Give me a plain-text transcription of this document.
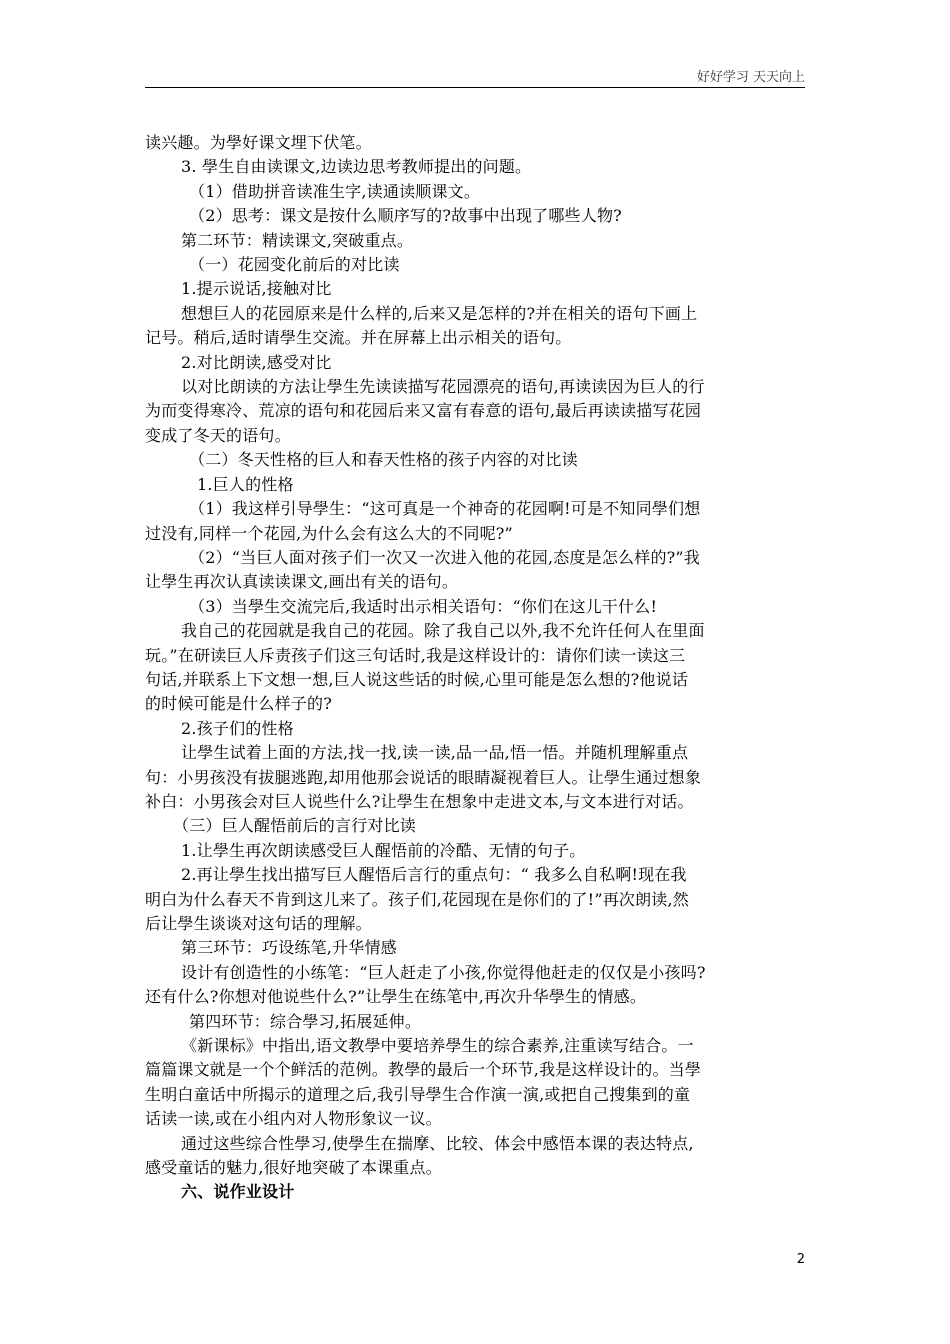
好好学习 天天向上
读兴趣。为學好课文埋下伏笔。
3. 學生自由读课文,边读边思考教师提出的问题。
（1）借助拼音读准生字,读通读顺课文。
（2）思考：课文是按什么顺序写的?故事中出现了哪些人物?
第二环节：精读课文,突破重点。
（一）花园变化前后的对比读
1.提示说话,接触对比
想想巨人的花园原来是什么样的,后来又是怎样的?并在相关的语句下画上
记号。稍后,适时请學生交流。并在屏幕上出示相关的语句。
2.对比朗读,感受对比
以对比朗读的方法让學生先读读描写花园漂亮的语句,再读读因为巨人的行
为而变得寒冷、荒凉的语句和花园后来又富有春意的语句,最后再读读描写花园
变成了冬天的语句。
（二）冬天性格的巨人和春天性格的孩子内容的对比读
1.巨人的性格
（1）我这样引导學生：“这可真是一个神奇的花园啊!可是不知同學们想
过没有,同样一个花园,为什么会有这么大的不同呢?”
（2）“当巨人面对孩子们一次又一次进入他的花园,态度是怎么样的?”我
让學生再次认真读读课文,画出有关的语句。
（3）当學生交流完后,我适时出示相关语句：“你们在这儿干什么!
我自己的花园就是我自己的花园。除了我自己以外,我不允许任何人在里面
玩。”在研读巨人斥责孩子们这三句话时,我是这样设计的：请你们读一读这三
句话,并联系上下文想一想,巨人说这些话的时候,心里可能是怎么想的?他说话
的时候可能是什么样子的?
2.孩子们的性格
让學生试着上面的方法,找一找,读一读,品一品,悟一悟。并随机理解重点
句：小男孩没有拔腿逃跑,却用他那会说话的眼睛凝视着巨人。让學生通过想象
补白：小男孩会对巨人说些什么?让學生在想象中走进文本,与文本进行对话。
（三）巨人醒悟前后的言行对比读
1.让學生再次朗读感受巨人醒悟前的冷酷、无情的句子。
2.再让學生找出描写巨人醒悟后言行的重点句：“ 我多么自私啊!现在我
明白为什么春天不肯到这儿来了。孩子们,花园现在是你们的了!”再次朗读,然
后让學生谈谈对这句话的理解。
第三环节：巧设练笔,升华情感
设计有创造性的小练笔：“巨人赶走了小孩,你觉得他赶走的仅仅是小孩吗?
还有什么?你想对他说些什么?”让學生在练笔中,再次升华學生的情感。
第四环节：综合學习,拓展延伸。
《新课标》中指出,语文教學中要培养學生的综合素养,注重读写结合。一
篇篇课文就是一个个鲜活的范例。教學的最后一个环节,我是这样设计的。当學
生明白童话中所揭示的道理之后,我引导學生合作演一演,或把自己搜集到的童
话读一读,或在小组内对人物形象议一议。
通过这些综合性學习,使學生在揣摩、比较、体会中感悟本课的表达特点,
感受童话的魅力,很好地突破了本课重点。
六、说作业设计
2
